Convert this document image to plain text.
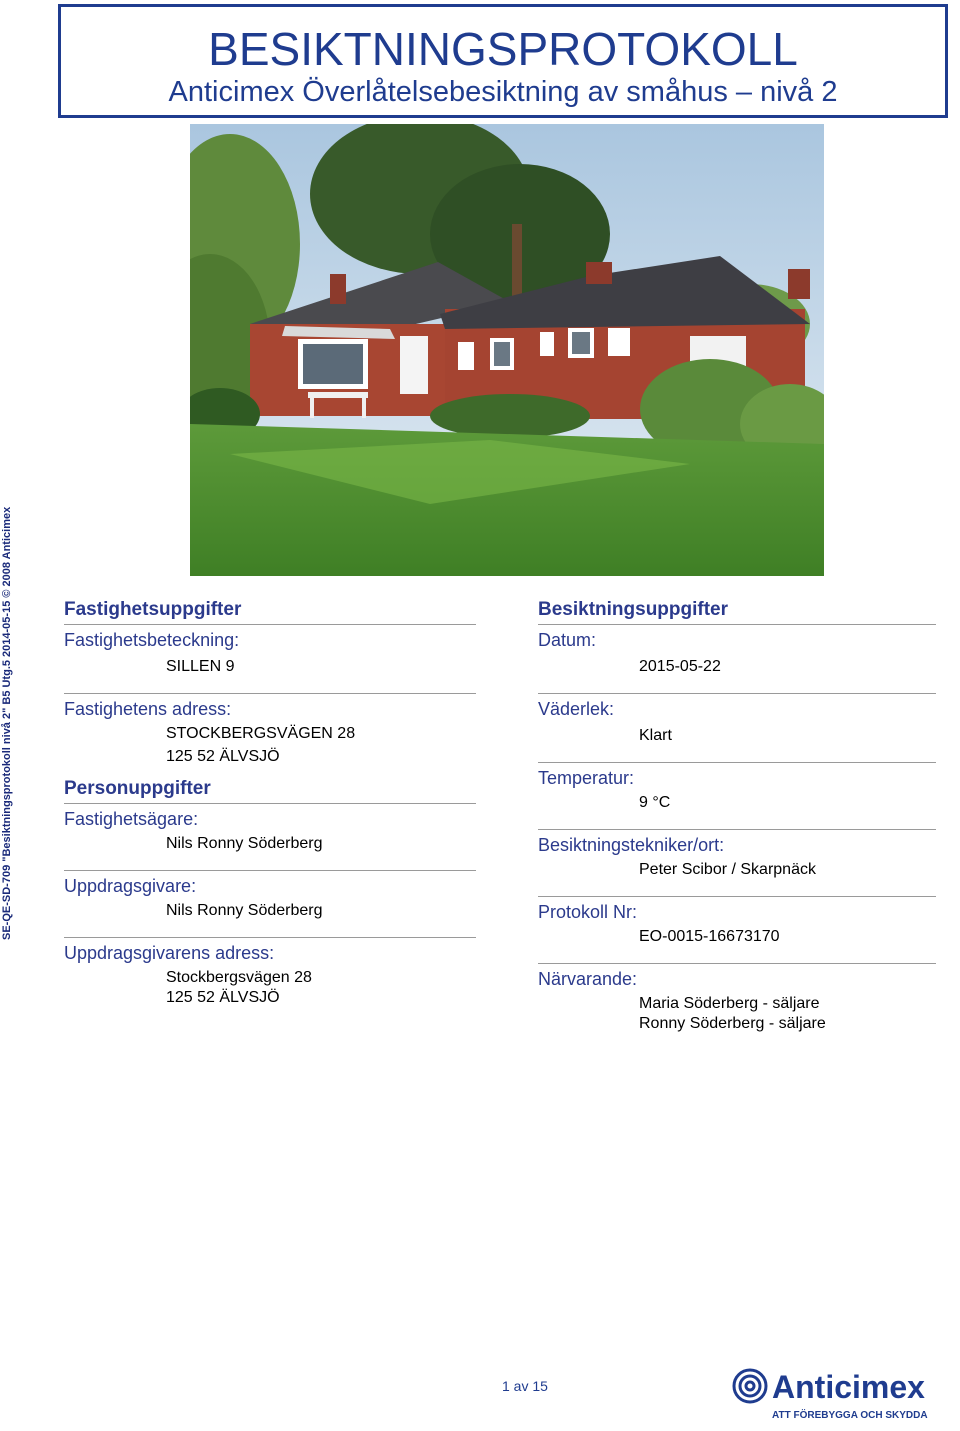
SE-QE-SD-709 "Besiktningsprotokoll nivå 2" B5 Utg.5 2014-05-15 © 2008 Anticimex
BESIKTNINGSPROTOKOLL
Anticimex Överlåtelsebesiktning av småhus – nivå 2
Fastighetsuppgifter
Fastighetsbeteckning:
SILLEN 9
Fastighetens adress:
STOCKBERGSVÄGEN 28
125 52 ÄLVSJÖ
Personuppgifter
Fastighetsägare:
Nils Ronny Söderberg
Uppdragsgivare:
Nils Ronny Söderberg
Uppdragsgivarens adress:
Stockbergsvägen 28
125 52 ÄLVSJÖ
Besiktningsuppgifter
Datum:
2015-05-22
Väderlek:
Klart
Temperatur:
9 °C
Besiktningstekniker/ort:
Peter Scibor / Skarpnäck
Protokoll Nr:
EO-0015-16673170
Närvarande:
Maria Söderberg - säljare
Ronny Söderberg - säljare
1 av 15	Anticimex
ATT FÖREBYGGA OCH SKYDDA
